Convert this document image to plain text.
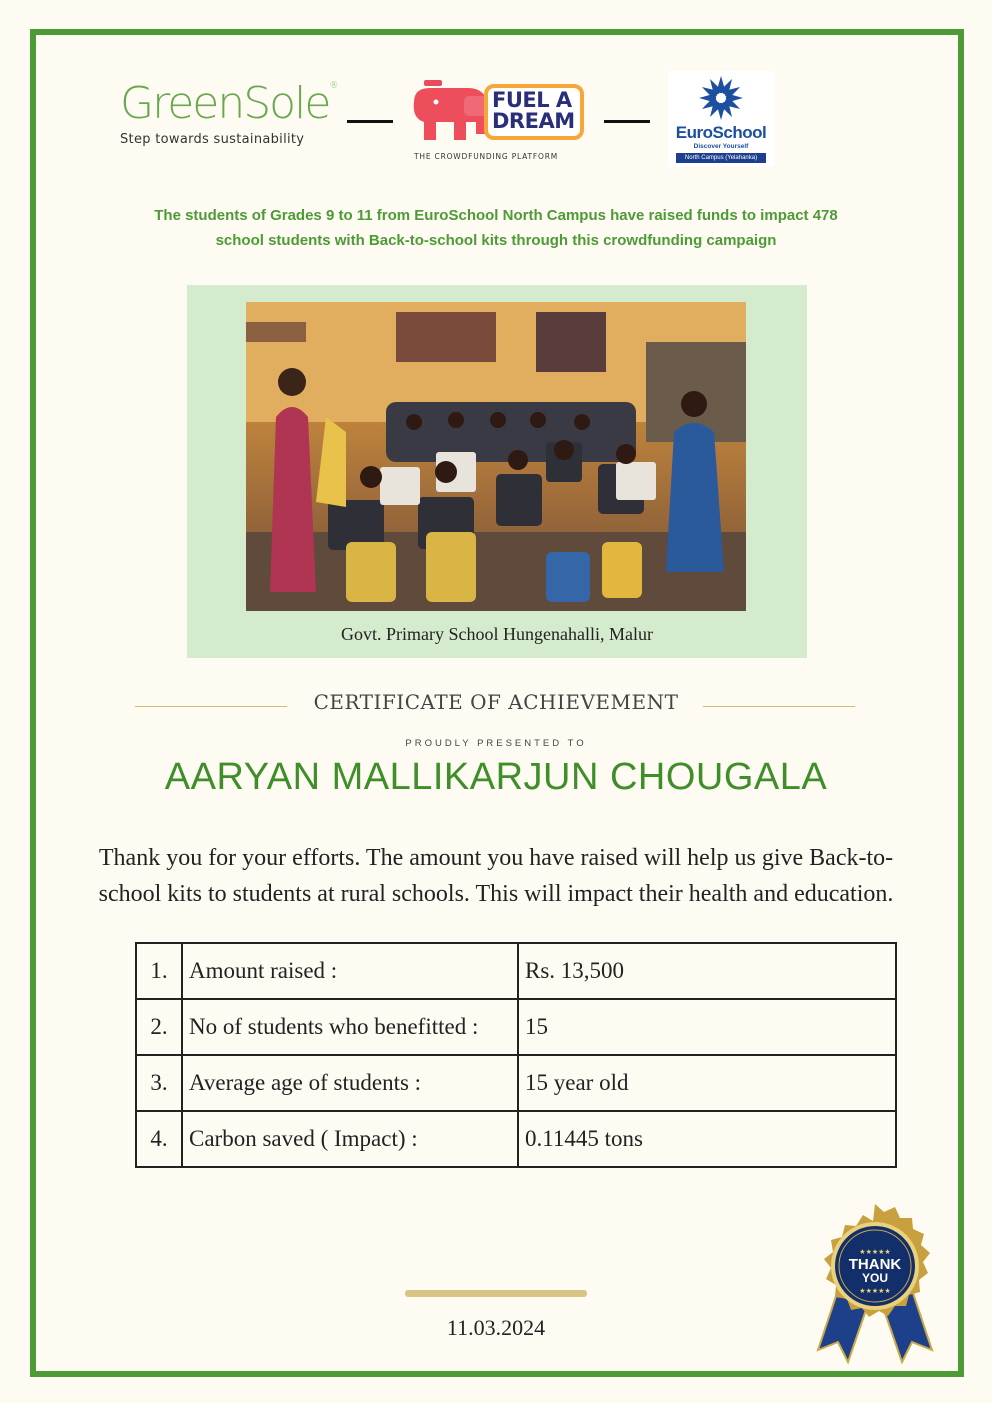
GreenSole®
Step towards sustainability
FUEL A
DREAM
THE CROWDFUNDING PLATFORM
EuroSchool
Discover Yourself
North Campus (Yelahanka)
The students of Grades 9 to 11 from EuroSchool North Campus have raised funds to impact 478
school students with Back-to-school kits through this crowdfunding campaign
Govt. Primary School Hungenahalli, Malur
CERTIFICATE OF ACHIEVEMENT
PROUDLY PRESENTED TO
AARYAN MALLIKARJUN CHOUGALA
Thank you for your efforts. The amount you have raised will help us give Back-to-
school kits to students at rural schools. This will impact their health and education.
1.	Amount raised :	Rs. 13,500
2.	No of students who benefitted :	15
3.	Average age of students :	15 year old
4.	Carbon saved ( Impact) :	0.11445 tons
11.03.2024
★★★★★
THANK
YOU
★★★★★
